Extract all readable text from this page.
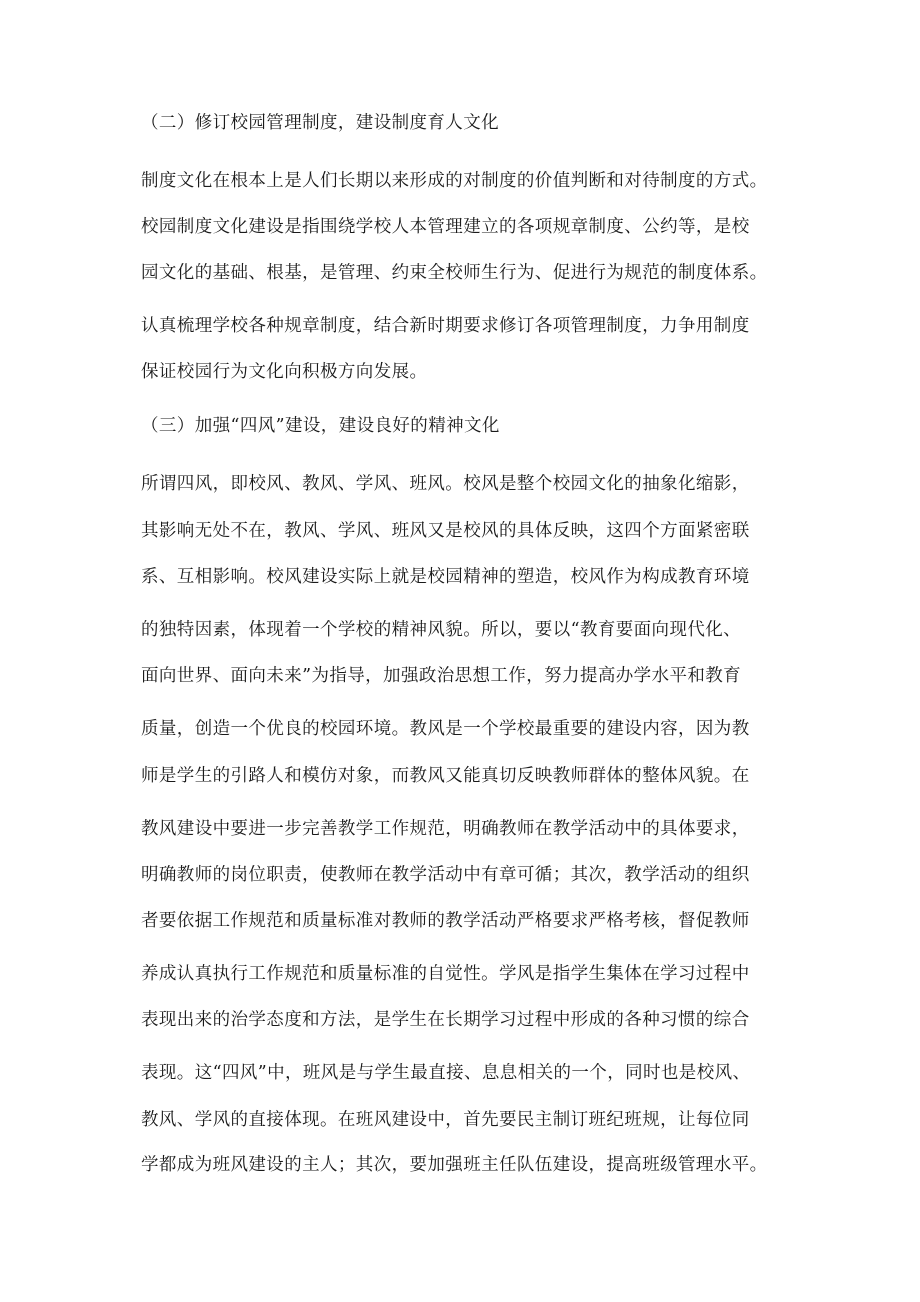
（二）修订校园管理制度，建设制度育人文化
制度文化在根本上是人们长期以来形成的对制度的价值判断和对待制度的方式。
校园制度文化建设是指围绕学校人本管理建立的各项规章制度、公约等，是校
园文化的基础、根基，是管理、约束全校师生行为、促进行为规范的制度体系。
认真梳理学校各种规章制度，结合新时期要求修订各项管理制度，力争用制度
保证校园行为文化向积极方向发展。
（三）加强“四风”建设，建设良好的精神文化
所谓四风，即校风、教风、学风、班风。校风是整个校园文化的抽象化缩影，
其影响无处不在，教风、学风、班风又是校风的具体反映，这四个方面紧密联
系、互相影响。校风建设实际上就是校园精神的塑造，校风作为构成教育环境
的独特因素，体现着一个学校的精神风貌。所以，要以“教育要面向现代化、
面向世界、面向未来”为指导，加强政治思想工作，努力提高办学水平和教育
质量，创造一个优良的校园环境。教风是一个学校最重要的建设内容，因为教
师是学生的引路人和模仿对象，而教风又能真切反映教师群体的整体风貌。在
教风建设中要进一步完善教学工作规范，明确教师在教学活动中的具体要求，
明确教师的岗位职责，使教师在教学活动中有章可循；其次，教学活动的组织
者要依据工作规范和质量标准对教师的教学活动严格要求严格考核，督促教师
养成认真执行工作规范和质量标准的自觉性。学风是指学生集体在学习过程中
表现出来的治学态度和方法，是学生在长期学习过程中形成的各种习惯的综合
表现。这“四风”中，班风是与学生最直接、息息相关的一个，同时也是校风、
教风、学风的直接体现。在班风建设中，首先要民主制订班纪班规，让每位同
学都成为班风建设的主人；其次，要加强班主任队伍建设，提高班级管理水平。
